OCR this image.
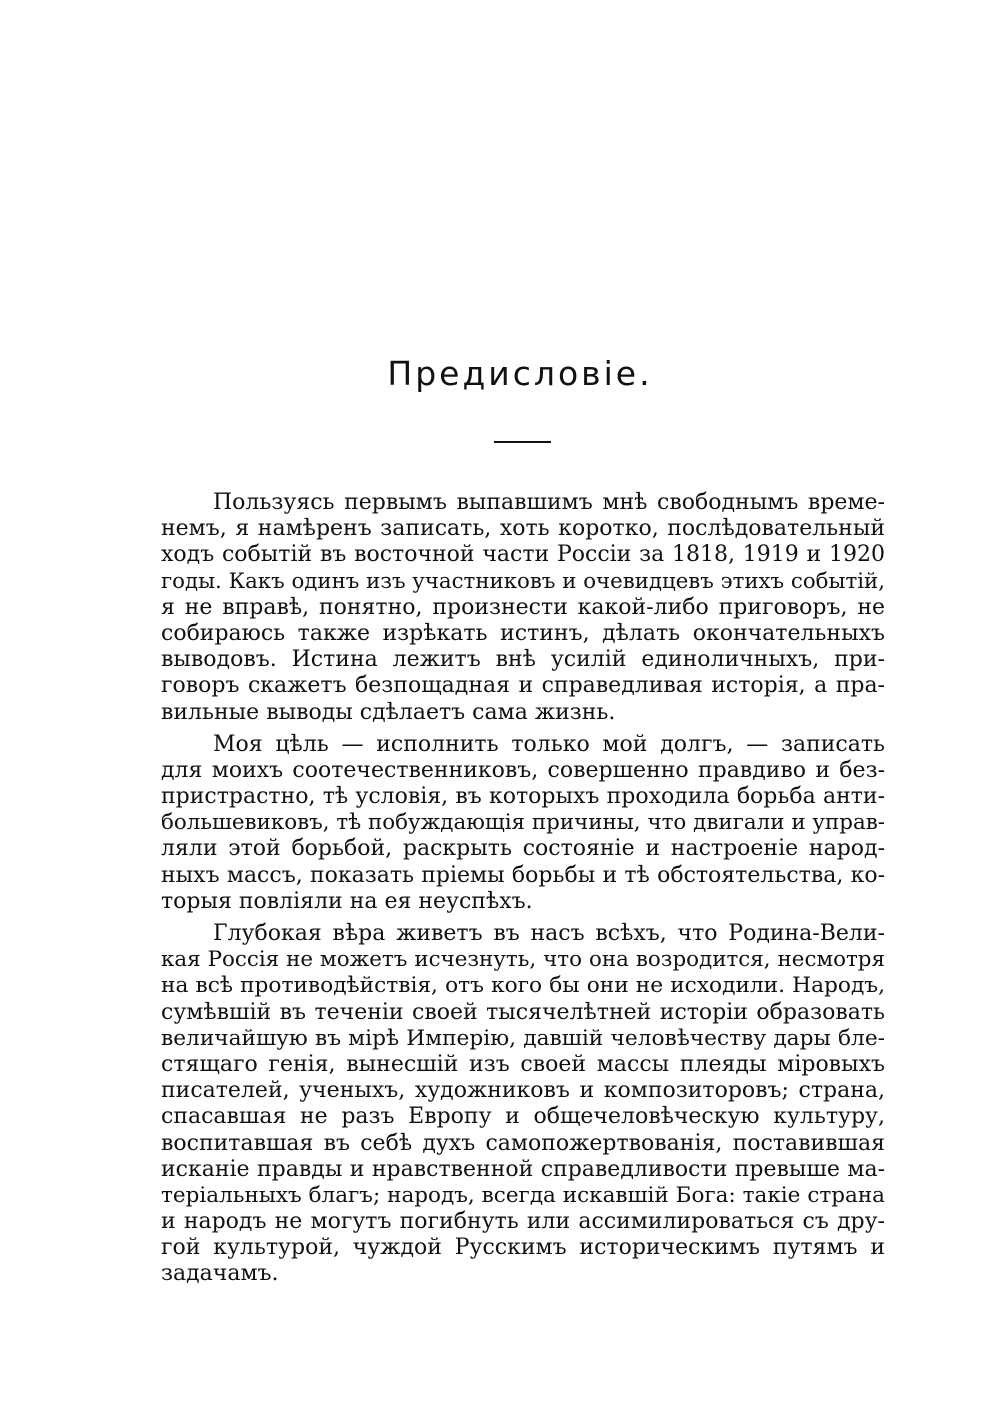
Предисловіе.
Пользуясь первымъ выпавшимъ мнѣ свободнымъ време-
немъ, я намѣренъ записать, хоть коротко, послѣдовательный
ходъ событій въ восточной части Россіи за 1818, 1919 и 1920
годы. Какъ одинъ изъ участниковъ и очевидцевъ этихъ событій,
я не вправѣ, понятно, произнести какой-либо приговоръ, не
собираюсь также изрѣкать истинъ, дѣлать окончательныхъ
выводовъ. Истина лежитъ внѣ усилій единоличныхъ, при-
говоръ скажетъ безпощадная и справедливая исторія, а пра-
вильные выводы сдѣлаетъ сама жизнь.
Моя цѣль — исполнить только мой долгъ, — записать
для моихъ соотечественниковъ, совершенно правдиво и без-
пристрастно, тѣ условія, въ которыхъ проходила борьба анти-
большевиковъ, тѣ побуждающія причины, что двигали и управ-
ляли этой борьбой, раскрыть состояніе и настроеніе народ-
ныхъ массъ, показать пріемы борьбы и тѣ обстоятельства, ко-
торыя повліяли на ея неуспѣхъ.
Глубокая вѣра живетъ въ насъ всѣхъ, что Родина-Вели-
кая Россія не можетъ исчезнуть, что она возродится, несмотря
на всѣ противодѣйствія, отъ кого бы они не исходили. Народъ,
сумѣвшій въ теченіи своей тысячелѣтней исторіи образовать
величайшую въ мірѣ Имперію, давшій человѣчеству дары бле-
стящаго генія, вынесшій изъ своей массы плеяды міровыхъ
писателей, ученыхъ, художниковъ и композиторовъ; страна,
спасавшая не разъ Европу и общечеловѣческую культуру,
воспитавшая въ себѣ духъ самопожертвованія, поставившая
исканіе правды и нравственной справедливости превыше ма-
теріальныхъ благъ; народъ, всегда искавшій Бога: такіе страна
и народъ не могутъ погибнуть или ассимилироваться съ дру-
гой культурой, чуждой Русскимъ историческимъ путямъ и
задачамъ.
